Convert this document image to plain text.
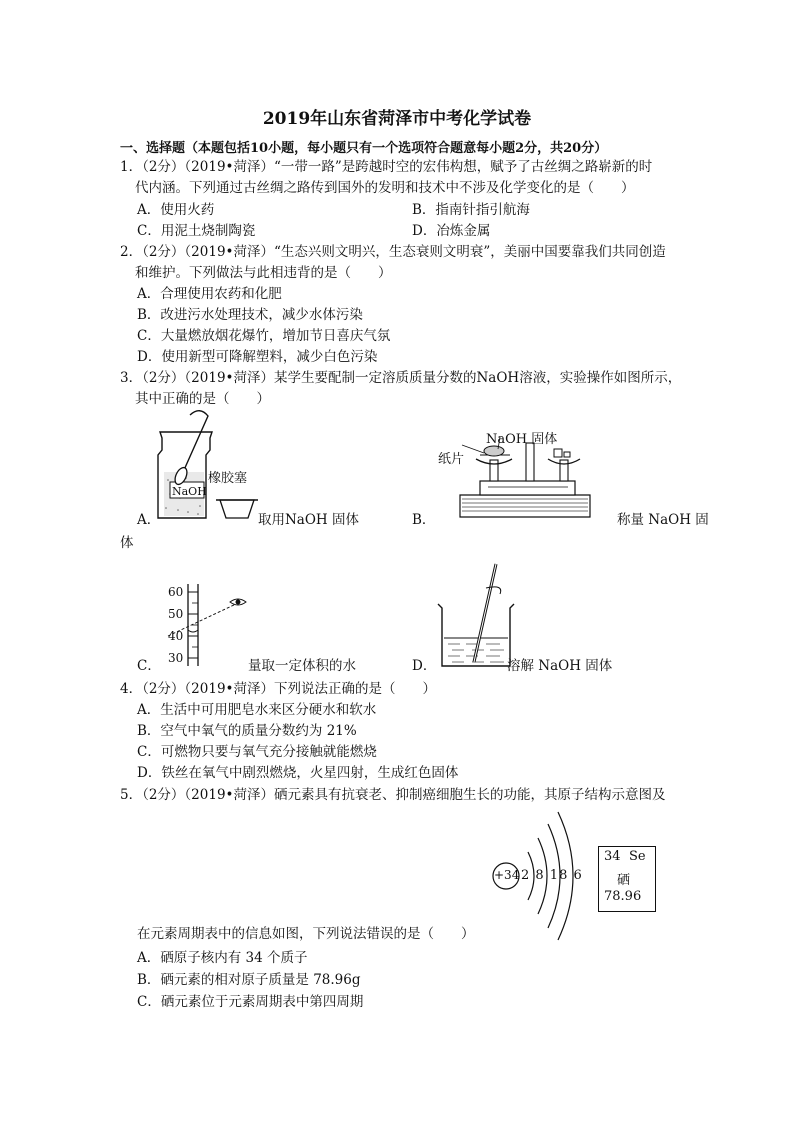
2019年山东省菏泽市中考化学试卷
一、选择题（本题包括10小题，每小题只有一个选项符合题意每小题2分，共20分）
1．（2分）（2019•菏泽）“一带一路”是跨越时空的宏伟构想，赋予了古丝绸之路崭新的时
代内涵。下列通过古丝绸之路传到国外的发明和技术中不涉及化学变化的是（　　）
A．使用火药	B．指南针指引航海
C．用泥土烧制陶瓷	D．冶炼金属
2．（2分）（2019•菏泽）“生态兴则文明兴，生态衰则文明衰”，美丽中国要靠我们共同创造
和维护。下列做法与此相违背的是（　　）
A．合理使用农药和化肥
B．改进污水处理技术，减少水体污染
C．大量燃放烟花爆竹，增加节日喜庆气氛
D．使用新型可降解塑料，减少白色污染
3．（2分）（2019•菏泽）某学生要配制一定溶质质量分数的NaOH溶液，实验操作如图所示，
其中正确的是（　　）
NaOH
橡胶塞
A．	取用NaOH 固体
NaOH 固体
纸片
B．	称量 NaOH 固
体
60
50
40
30
C．	量取一定体积的水	D．	溶解 NaOH 固体
4．（2分）（2019•菏泽）下列说法正确的是（　　）
A．生活中可用肥皂水来区分硬水和软水
B．空气中氧气的质量分数约为 21%
C．可燃物只要与氧气充分接触就能燃烧
D．铁丝在氧气中剧烈燃烧，火星四射，生成红色固体
5．（2分）（2019•菏泽）硒元素具有抗衰老、抑制癌细胞生长的功能，其原子结构示意图及
+34 2 8 18 6
34 Se
硒
78.96
在元素周期表中的信息如图，下列说法错误的是（　　）
A．硒原子核内有 34 个质子
B．硒元素的相对原子质量是 78.96g
C．硒元素位于元素周期表中第四周期
